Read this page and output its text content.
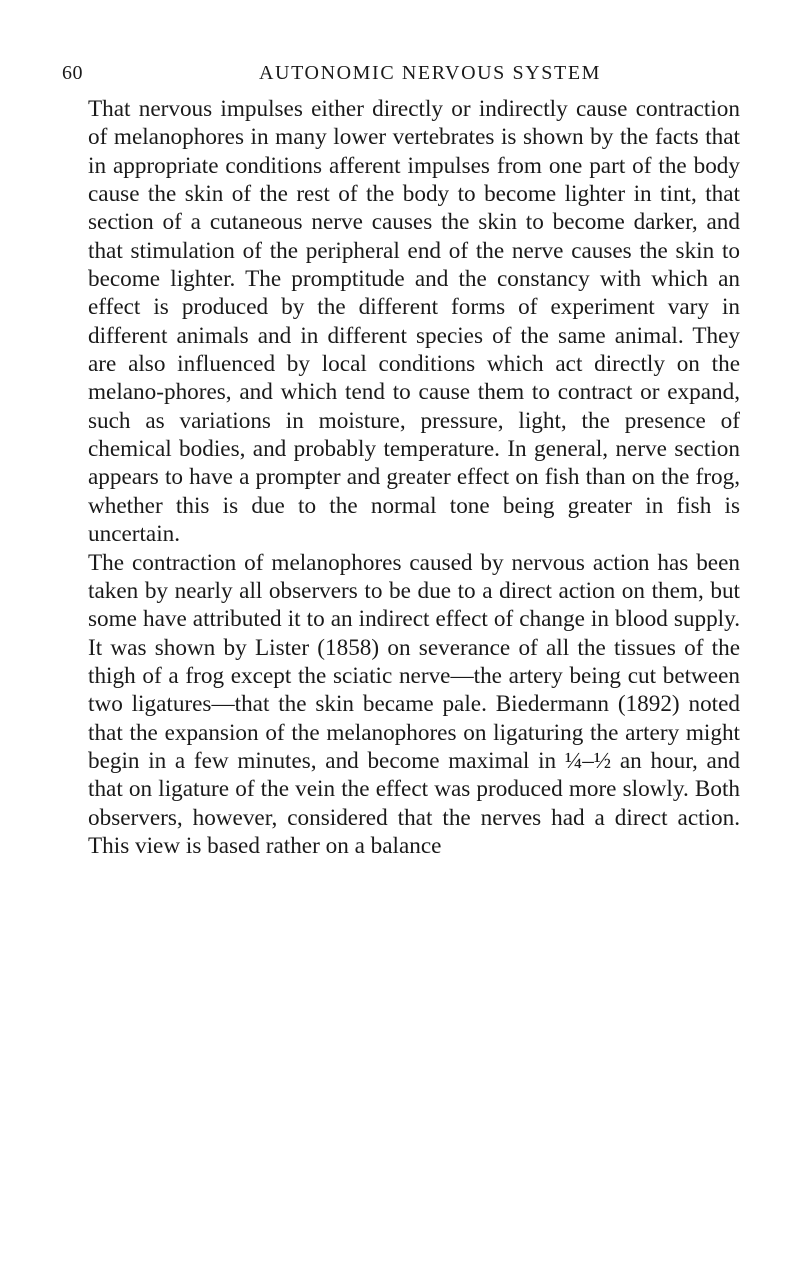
60	AUTONOMIC NERVOUS SYSTEM

That nervous impulses either directly or indirectly cause contraction of melanophores in many lower vertebrates is shown by the facts that in appropriate conditions afferent impulses from one part of the body cause the skin of the rest of the body to become lighter in tint, that section of a cutaneous nerve causes the skin to become darker, and that stimulation of the peripheral end of the nerve causes the skin to become lighter. The promptitude and the constancy with which an effect is produced by the different forms of experiment vary in different animals and in different species of the same animal. They are also influenced by local conditions which act directly on the melano-phores, and which tend to cause them to contract or expand, such as variations in moisture, pressure, light, the presence of chemical bodies, and probably temperature. In general, nerve section appears to have a prompter and greater effect on fish than on the frog, whether this is due to the normal tone being greater in fish is uncertain.

The contraction of melanophores caused by nervous action has been taken by nearly all observers to be due to a direct action on them, but some have attributed it to an indirect effect of change in blood supply. It was shown by Lister (1858) on severance of all the tissues of the thigh of a frog except the sciatic nerve—the artery being cut between two ligatures—that the skin became pale. Biedermann (1892) noted that the expansion of the melanophores on ligaturing the artery might begin in a few minutes, and become maximal in ¼–½ an hour, and that on ligature of the vein the effect was produced more slowly. Both observers, however, considered that the nerves had a direct action. This view is based rather on a balance
